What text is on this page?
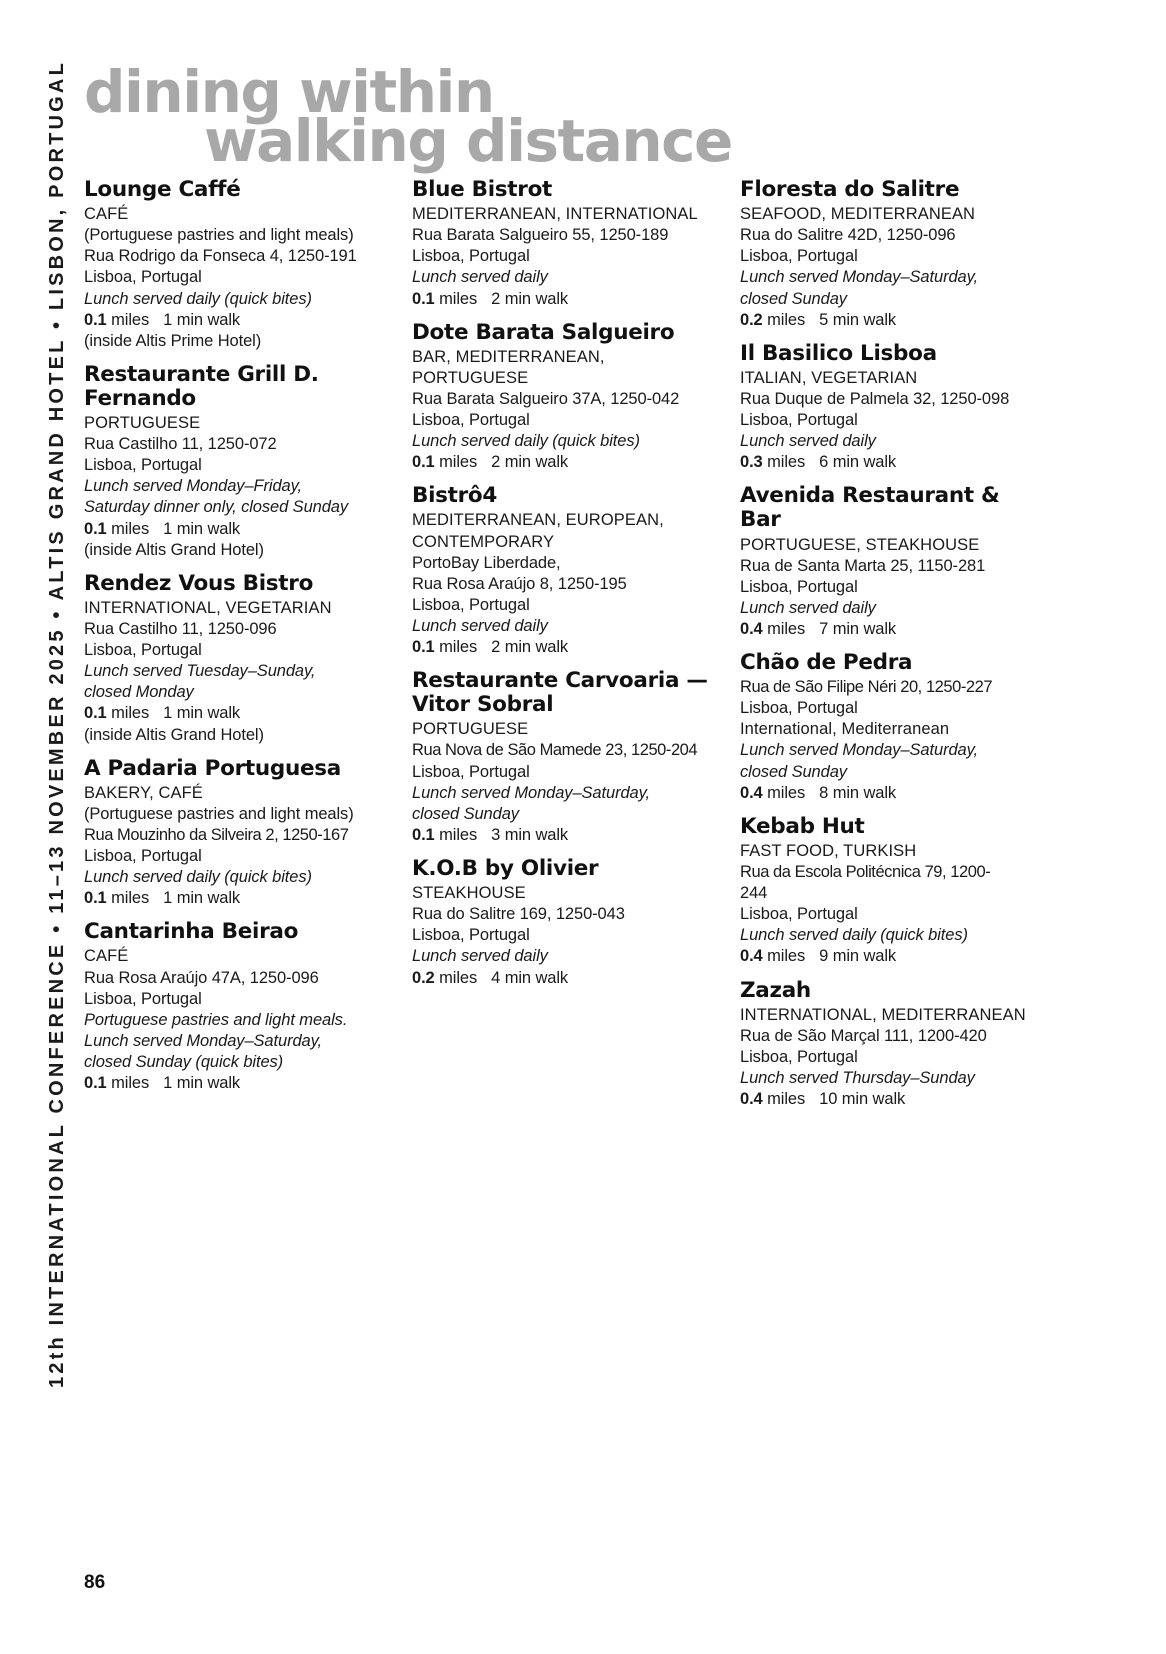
12th INTERNATIONAL CONFERENCE • 11–13 NOVEMBER 2025 • ALTIS GRAND HOTEL • LISBON, PORTUGAL dining within
walking distance
Lounge Caffé
CAFÉ
(Portuguese pastries and light meals)
Rua Rodrigo da Fonseca 4, 1250-191
Lisboa, Portugal
Lunch served daily (quick bites)
0.1 miles 1 min walk
(inside Altis Prime Hotel)
Restaurante Grill D. Fernando
PORTUGUESE
Rua Castilho 11, 1250-072
Lisboa, Portugal
Lunch served Monday–Friday,
Saturday dinner only, closed Sunday
0.1 miles 1 min walk
(inside Altis Grand Hotel)
Rendez Vous Bistro
INTERNATIONAL, VEGETARIAN
Rua Castilho 11, 1250-096
Lisboa, Portugal
Lunch served Tuesday–Sunday,
closed Monday
0.1 miles 1 min walk
(inside Altis Grand Hotel)
A Padaria Portuguesa
BAKERY, CAFÉ
(Portuguese pastries and light meals)
Rua Mouzinho da Silveira 2, 1250-167
Lisboa, Portugal
Lunch served daily (quick bites)
0.1 miles 1 min walk
Cantarinha Beirao
CAFÉ
Rua Rosa Araújo 47A, 1250-096
Lisboa, Portugal
Portuguese pastries and light meals.
Lunch served Monday–Saturday,
closed Sunday (quick bites)
0.1 miles 1 min walk
Blue Bistrot
MEDITERRANEAN, INTERNATIONAL
Rua Barata Salgueiro 55, 1250-189
Lisboa, Portugal
Lunch served daily
0.1 miles 2 min walk
Dote Barata Salgueiro
BAR, MEDITERRANEAN,
PORTUGUESE
Rua Barata Salgueiro 37A, 1250-042
Lisboa, Portugal
Lunch served daily (quick bites)
0.1 miles 2 min walk
Bistrô4
MEDITERRANEAN, EUROPEAN,
CONTEMPORARY
PortoBay Liberdade,
Rua Rosa Araújo 8, 1250-195
Lisboa, Portugal
Lunch served daily
0.1 miles 2 min walk
Restaurante Carvoaria — Vitor Sobral
PORTUGUESE
Rua Nova de São Mamede 23, 1250-204
Lisboa, Portugal
Lunch served Monday–Saturday,
closed Sunday
0.1 miles 3 min walk
K.O.B by Olivier
STEAKHOUSE
Rua do Salitre 169, 1250-043
Lisboa, Portugal
Lunch served daily
0.2 miles 4 min walk
Floresta do Salitre
SEAFOOD, MEDITERRANEAN
Rua do Salitre 42D, 1250-096
Lisboa, Portugal
Lunch served Monday–Saturday,
closed Sunday
0.2 miles 5 min walk
Il Basilico Lisboa
ITALIAN, VEGETARIAN
Rua Duque de Palmela 32, 1250-098
Lisboa, Portugal
Lunch served daily
0.3 miles 6 min walk
Avenida Restaurant & Bar
PORTUGUESE, STEAKHOUSE
Rua de Santa Marta 25, 1150-281
Lisboa, Portugal
Lunch served daily
0.4 miles 7 min walk
Chão de Pedra
Rua de São Filipe Néri 20, 1250-227
Lisboa, Portugal
International, Mediterranean
Lunch served Monday–Saturday,
closed Sunday
0.4 miles 8 min walk
Kebab Hut
FAST FOOD, TURKISH
Rua da Escola Politécnica 79, 1200-
244
Lisboa, Portugal
Lunch served daily (quick bites)
0.4 miles 9 min walk
Zazah
INTERNATIONAL, MEDITERRANEAN
Rua de São Marçal 111, 1200-420
Lisboa, Portugal
Lunch served Thursday–Sunday
0.4 miles 10 min walk
86
